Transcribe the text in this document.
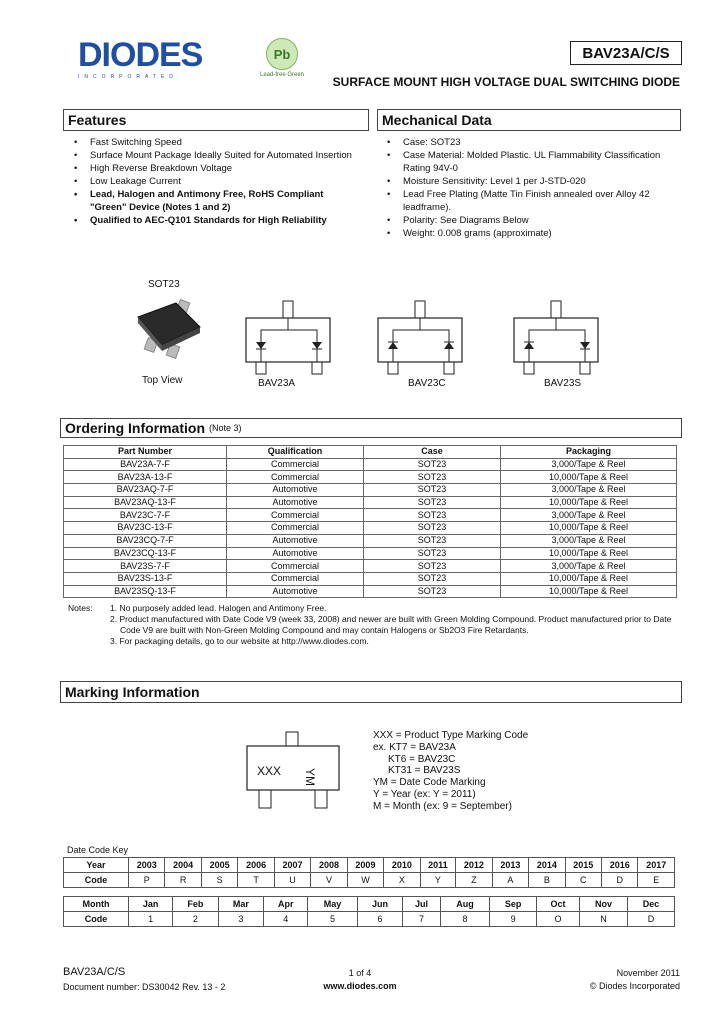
DIODES
INCORPORATED
Pb
Lead-free Green
BAV23A/C/S
SURFACE MOUNT HIGH VOLTAGE DUAL SWITCHING DIODE
Features
• Fast Switching Speed
• Surface Mount Package Ideally Suited for Automated Insertion
• High Reverse Breakdown Voltage
• Low Leakage Current
• Lead, Halogen and Antimony Free, RoHS Compliant
"Green" Device (Notes 1 and 2)
• Qualified to AEC-Q101 Standards for High Reliability
Mechanical Data
• Case: SOT23
• Case Material: Molded Plastic. UL Flammability Classification
Rating 94V-0
• Moisture Sensitivity: Level 1 per J-STD-020
• Lead Free Plating (Matte Tin Finish annealed over Alloy 42
leadframe).
• Polarity: See Diagrams Below
• Weight: 0.008 grams (approximate)
SOT23
Top View	BAV23A	BAV23C	BAV23S
Ordering Information (Note 3)
Part Number	Qualification	Case	Packaging
BAV23A-7-F	Commercial	SOT23	3,000/Tape & Reel
BAV23A-13-F	Commercial	SOT23	10,000/Tape & Reel
BAV23AQ-7-F	Automotive	SOT23	3,000/Tape & Reel
BAV23AQ-13-F	Automotive	SOT23	10,000/Tape & Reel
BAV23C-7-F	Commercial	SOT23	3,000/Tape & Reel
BAV23C-13-F	Commercial	SOT23	10,000/Tape & Reel
BAV23CQ-7-F	Automotive	SOT23	3,000/Tape & Reel
BAV23CQ-13-F	Automotive	SOT23	10,000/Tape & Reel
BAV23S-7-F	Commercial	SOT23	3,000/Tape & Reel
BAV23S-13-F	Commercial	SOT23	10,000/Tape & Reel
BAV23SQ-13-F	Automotive	SOT23	10,000/Tape & Reel
Notes: 1. No purposely added lead. Halogen and Antimony Free.
2. Product manufactured with Date Code V9 (week 33, 2008) and newer are built with Green Molding Compound. Product manufactured prior to Date
Code V9 are built with Non-Green Molding Compound and may contain Halogens or Sb2O3 Fire Retardants.
3. For packaging details, go to our website at http://www.diodes.com.
Marking Information
XXX YM
XXX = Product Type Marking Code
ex. KT7 = BAV23A
KT6 = BAV23C
KT31 = BAV23S
YM = Date Code Marking
Y = Year (ex: Y = 2011)
M = Month (ex: 9 = September)
Date Code Key
Year	2003	2004	2005	2006	2007	2008	2009	2010	2011	2012	2013	2014	2015	2016	2017
Code	P	R	S	T	U	V	W	X	Y	Z	A	B	C	D	E
Month	Jan	Feb	Mar	Apr	May	Jun	Jul	Aug	Sep	Oct	Nov	Dec
Code	1	2	3	4	5	6	7	8	9	O	N	D
BAV23A/C/S
Document number: DS30042 Rev. 13 - 2
1 of 4
www.diodes.com
November 2011
© Diodes Incorporated
